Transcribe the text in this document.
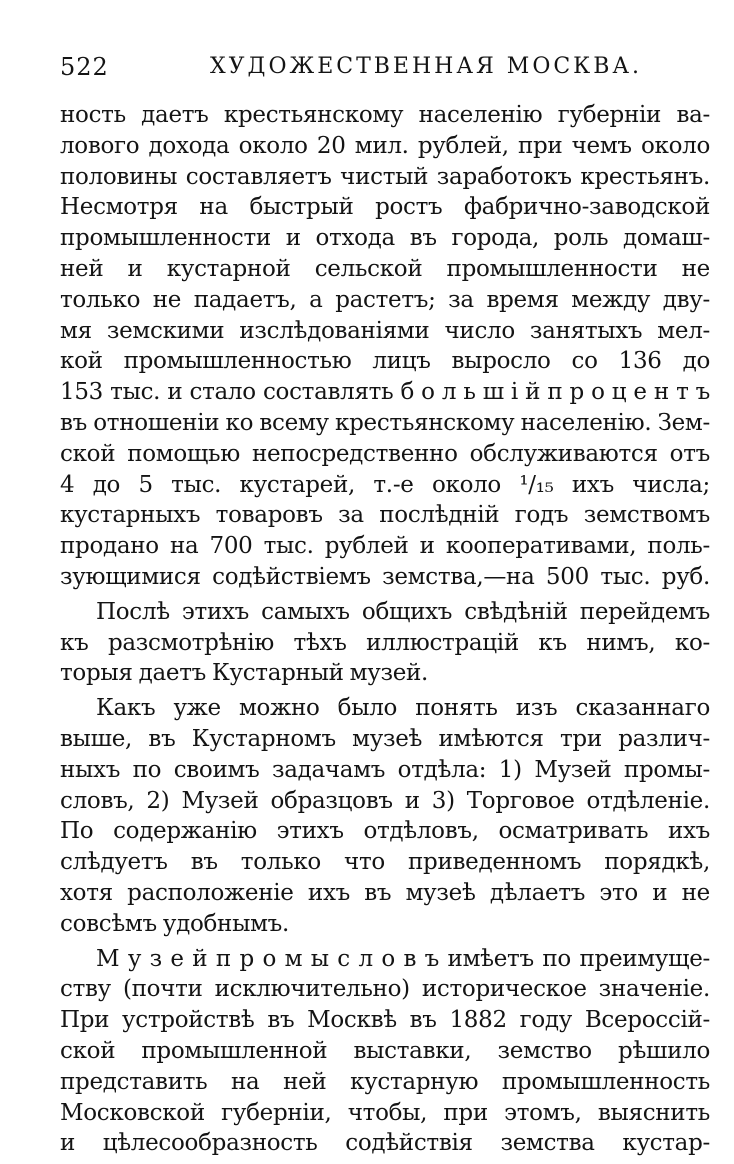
522	ХУДОЖЕСТВЕННАЯ МОСКВА.
ность даетъ крестьянскому населенію губерніи ва-
лового дохода около 20 мил. рублей, при чемъ около
половины составляетъ чистый заработокъ крестьянъ.
Несмотря на быстрый ростъ фабрично-заводской
промышленности и отхода въ города, роль домаш-
ней и кустарной сельской промышленности не
только не падаетъ, а растетъ; за время между дву-
мя земскими изслѣдованіями число занятыхъ мел-
кой промышленностью лицъ выросло со 136 до
153 тыс. и стало составлять б о л ь ш і й п р о ц е н т ъ
въ отношеніи ко всему крестьянскому населенію. Зем-
ской помощью непосредственно обслуживаются отъ
4 до 5 тыс. кустарей, т.-е около ¹/₁₅ ихъ числа;
кустарныхъ товаровъ за послѣдній годъ земствомъ
продано на 700 тыс. рублей и кооперативами, поль-
зующимися содѣйствіемъ земства,—на 500 тыс. руб.
Послѣ этихъ самыхъ общихъ свѣдѣній перейдемъ
къ разсмотрѣнію тѣхъ иллюстрацій къ нимъ, ко-
торыя даетъ Кустарный музей.
Какъ уже можно было понять изъ сказаннаго
выше, въ Кустарномъ музеѣ имѣются три различ-
ныхъ по своимъ задачамъ отдѣла: 1) Музей промы-
словъ, 2) Музей образцовъ и 3) Торговое отдѣленіе.
По содержанію этихъ отдѣловъ, осматривать ихъ
слѣдуетъ въ только что приведенномъ порядкѣ,
хотя расположеніе ихъ въ музеѣ дѣлаетъ это и не
совсѣмъ удобнымъ.
М у з е й п р о м ы с л о в ъ имѣетъ по преимуще-
ству (почти исключительно) историческое значеніе.
При устройствѣ въ Москвѣ въ 1882 году Всероссій-
ской промышленной выставки, земство рѣшило
представить на ней кустарную промышленность
Московской губерніи, чтобы, при этомъ, выяснить
и цѣлесообразность содѣйствія земства кустар-
